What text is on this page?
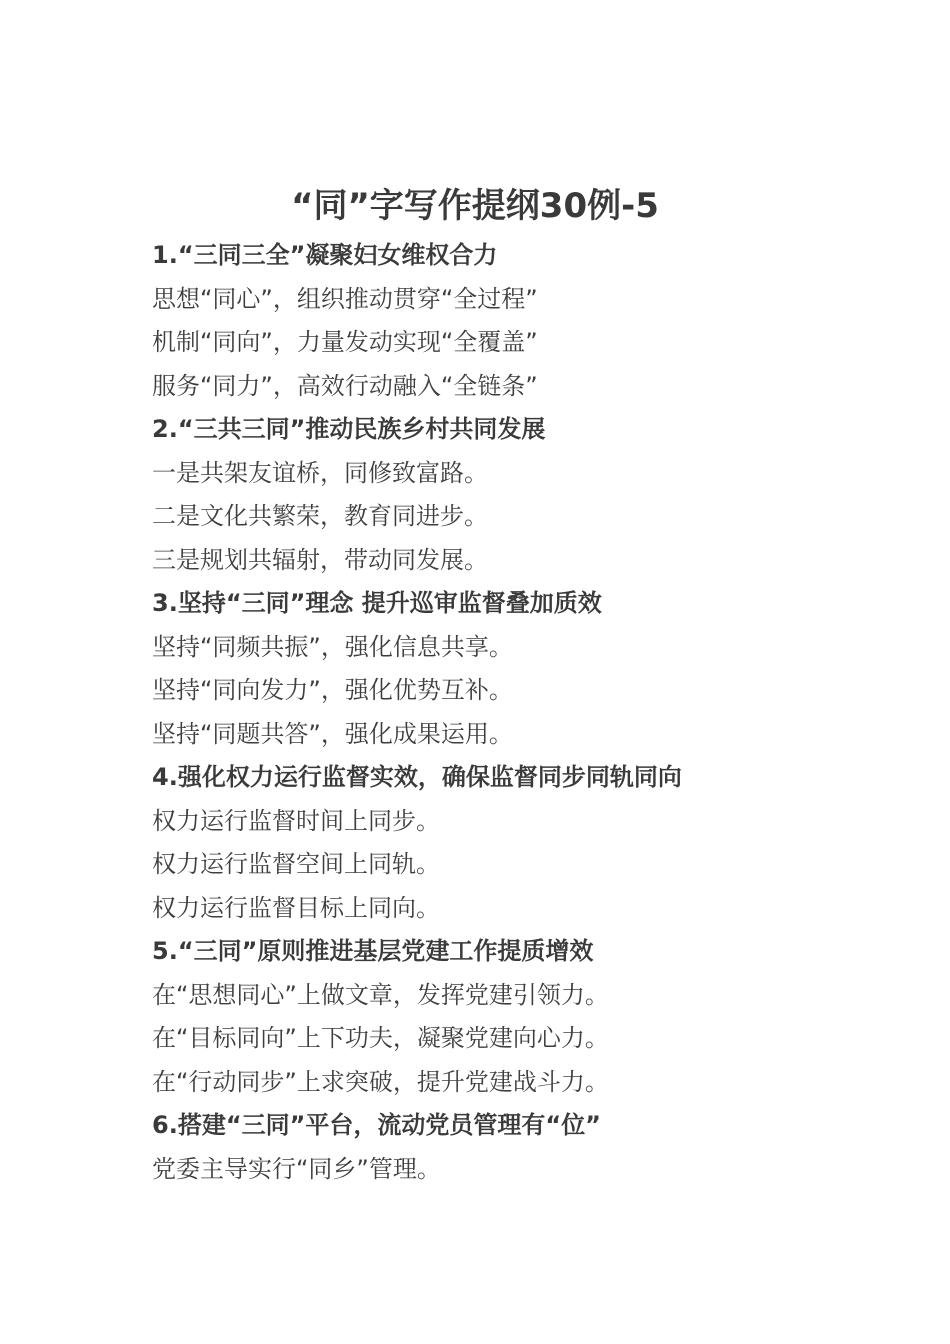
“同”字写作提纲30例-5
1.“三同三全”凝聚妇女维权合力
思想“同心”，组织推动贯穿“全过程”
机制“同向”，力量发动实现“全覆盖”
服务“同力”，高效行动融入“全链条”
2.“三共三同”推动民族乡村共同发展
一是共架友谊桥，同修致富路。
二是文化共繁荣，教育同进步。
三是规划共辐射，带动同发展。
3.坚持“三同”理念 提升巡审监督叠加质效
坚持“同频共振”，强化信息共享。
坚持“同向发力”，强化优势互补。
坚持“同题共答”，强化成果运用。
4.强化权力运行监督实效，确保监督同步同轨同向
权力运行监督时间上同步。
权力运行监督空间上同轨。
权力运行监督目标上同向。
5.“三同”原则推进基层党建工作提质增效
在“思想同心”上做文章，发挥党建引领力。
在“目标同向”上下功夫，凝聚党建向心力。
在“行动同步”上求突破，提升党建战斗力。
6.搭建“三同”平台，流动党员管理有“位”
党委主导实行“同乡”管理。
